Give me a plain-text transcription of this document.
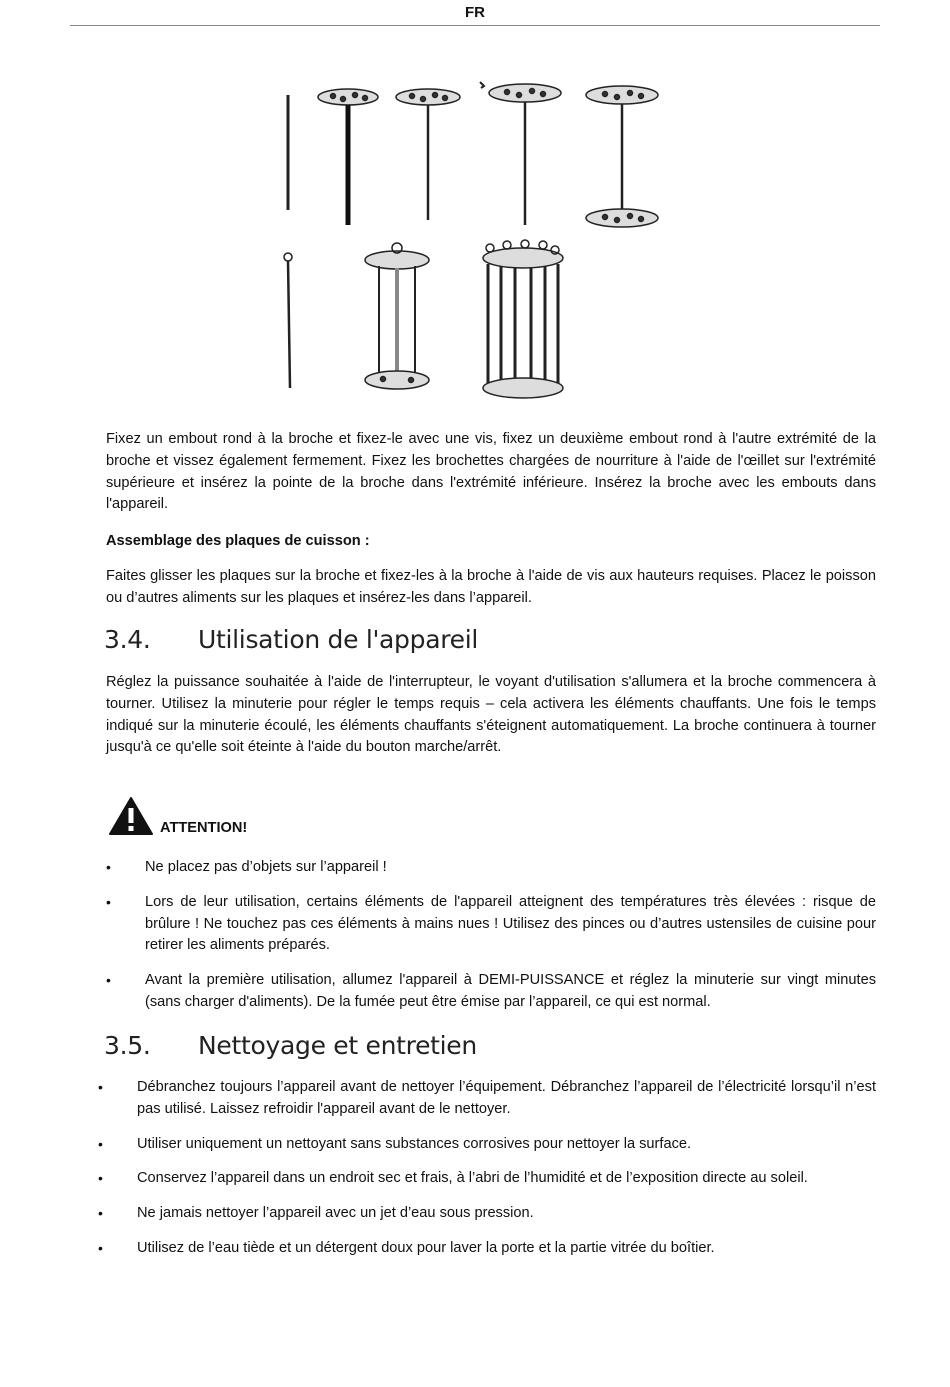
FR

Fixez un embout rond à la broche et fixez-le avec une vis, fixez un deuxième embout rond à l'autre extrémité de la broche et vissez également fermement. Fixez les brochettes chargées de nourriture à l'aide de l'œillet sur l'extrémité supérieure et insérez la pointe de la broche dans l'extrémité inférieure. Insérez la broche avec les embouts dans l'appareil.

Assemblage des plaques de cuisson :

Faites glisser les plaques sur la broche et fixez-les à la broche à l'aide de vis aux hauteurs requises. Placez le poisson ou d’autres aliments sur les plaques et insérez-les dans l’appareil.

3.4. Utilisation de l'appareil

Réglez la puissance souhaitée à l'aide de l'interrupteur, le voyant d'utilisation s'allumera et la broche commencera à tourner. Utilisez la minuterie pour régler le temps requis – cela activera les éléments chauffants. Une fois le temps indiqué sur la minuterie écoulé, les éléments chauffants s'éteignent automatiquement. La broche continuera à tourner jusqu'à ce qu'elle soit éteinte à l'aide du bouton marche/arrêt.

ATTENTION!
• Ne placez pas d’objets sur l’appareil !
• Lors de leur utilisation, certains éléments de l'appareil atteignent des températures très élevées : risque de brûlure ! Ne touchez pas ces éléments à mains nues ! Utilisez des pinces ou d’autres ustensiles de cuisine pour retirer les aliments préparés.
• Avant la première utilisation, allumez l'appareil à DEMI-PUISSANCE et réglez la minuterie sur vingt minutes (sans charger d'aliments). De la fumée peut être émise par l’appareil, ce qui est normal.
3.5. Nettoyage et entretien
• Débranchez toujours l’appareil avant de nettoyer l’équipement. Débranchez l’appareil de l’électricité lorsqu’il n’est pas utilisé. Laissez refroidir l'appareil avant de le nettoyer.
• Utiliser uniquement un nettoyant sans substances corrosives pour nettoyer la surface.
• Conservez l’appareil dans un endroit sec et frais, à l’abri de l’humidité et de l’exposition directe au soleil.
• Ne jamais nettoyer l’appareil avec un jet d’eau sous pression.
• Utilisez de l’eau tiède et un détergent doux pour laver la porte et la partie vitrée du boîtier.
